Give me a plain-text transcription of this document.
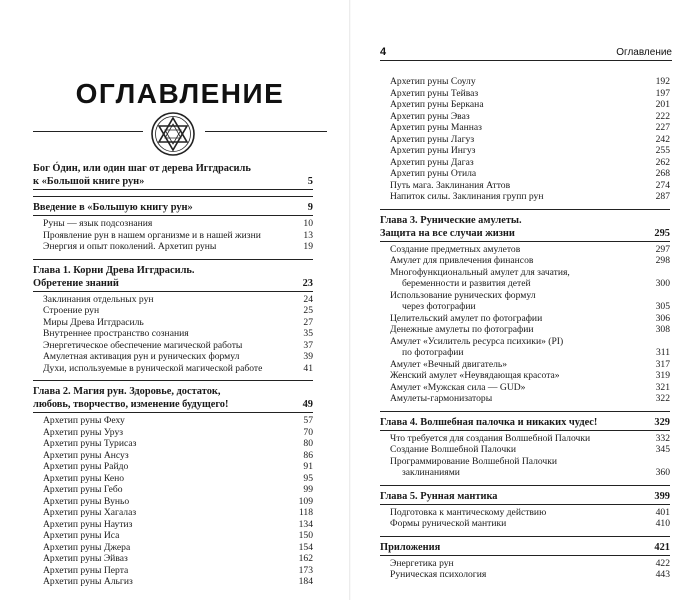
ОГЛАВЛЕНИЕ
Бог Óдин, или один шаг от дерева Иггдрасиль
к «Большой книге рун»	5
Введение в «Большую книгу рун»	9
Руны — язык подсознания	10
Проявление рун в нашем организме и в нашей жизни	13
Энергия и опыт поколений. Архетип руны	19
Глава 1. Корни Древа Иггдрасиль.
Обретение знаний	23
Заклинания отдельных рун	24
Строение рун	25
Миры Древа Иггдрасиль	27
Внутреннее пространство сознания	35
Энергетическое обеспечение магической работы	37
Амулетная активация рун и рунических формул	39
Духи, используемые в рунической магической работе	41
Глава 2. Магия рун. Здоровье, достаток,
любовь, творчество, изменение будущего!	49
Архетип руны Феху	57
Архетип руны Уруз	70
Архетип руны Турисаз	80
Архетип руны Ансуз	86
Архетип руны Райдо	91
Архетип руны Кено	95
Архетип руны Гебо	99
Архетип руны Вуньо	109
Архетип руны Хагалаз	118
Архетип руны Наутиз	134
Архетип руны Иса	150
Архетип руны Джера	154
Архетип руны Эйваз	162
Архетип руны Перта	173
Архетип руны Альгиз	184
4	Оглавление
Архетип руны Соулу	192
Архетип руны Тейваз	197
Архетип руны Беркана	201
Архетип руны Эваз	222
Архетип руны Манназ	227
Архетип руны Лагуз	242
Архетип руны Ингуз	255
Архетип руны Дагаз	262
Архетип руны Отила	268
Путь мага. Заклинания Аттов	274
Напиток силы. Заклинания групп рун	287
Глава 3. Рунические амулеты.
Защита на все случаи жизни	295
Создание предметных амулетов	297
Амулет для привлечения финансов	298
Многофункциональный амулет для зачатия,
беременности и развития детей	300
Использование рунических формул
через фотографии	305
Целительский амулет по фотографии	306
Денежные амулеты по фотографии	308
Амулет «Усилитель ресурса психики» (PI)
по фотографии	311
Амулет «Вечный двигатель»	317
Женский амулет «Неувядающая красота»	319
Амулет «Мужская сила — GUD»	321
Амулеты-гармонизаторы	322
Глава 4. Волшебная палочка и никаких чудес!	329
Что требуется для создания Волшебной Палочки	332
Создание Волшебной Палочки	345
Программирование Волшебной Палочки
заклинаниями	360
Глава 5. Рунная мантика	399
Подготовка к мантическому действию	401
Формы рунической мантики	410
Приложения	421
Энергетика рун	422
Руническая психология	443
